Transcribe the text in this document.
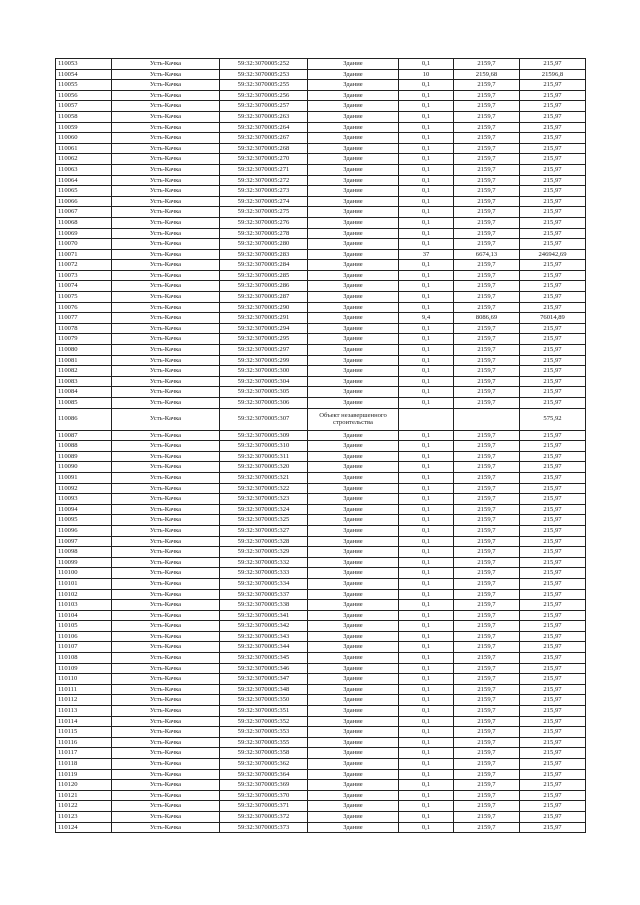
110053	Усть-Качка	59:32:3070005:252	Здание	0,1	2159,7	215,97
110054	Усть-Качка	59:32:3070005:253	Здание	10	2159,68	21596,8
110055	Усть-Качка	59:32:3070005:255	Здание	0,1	2159,7	215,97
110056	Усть-Качка	59:32:3070005:256	Здание	0,1	2159,7	215,97
110057	Усть-Качка	59:32:3070005:257	Здание	0,1	2159,7	215,97
110058	Усть-Качка	59:32:3070005:263	Здание	0,1	2159,7	215,97
110059	Усть-Качка	59:32:3070005:264	Здание	0,1	2159,7	215,97
110060	Усть-Качка	59:32:3070005:267	Здание	0,1	2159,7	215,97
110061	Усть-Качка	59:32:3070005:268	Здание	0,1	2159,7	215,97
110062	Усть-Качка	59:32:3070005:270	Здание	0,1	2159,7	215,97
110063	Усть-Качка	59:32:3070005:271	Здание	0,1	2159,7	215,97
110064	Усть-Качка	59:32:3070005:272	Здание	0,1	2159,7	215,97
110065	Усть-Качка	59:32:3070005:273	Здание	0,1	2159,7	215,97
110066	Усть-Качка	59:32:3070005:274	Здание	0,1	2159,7	215,97
110067	Усть-Качка	59:32:3070005:275	Здание	0,1	2159,7	215,97
110068	Усть-Качка	59:32:3070005:276	Здание	0,1	2159,7	215,97
110069	Усть-Качка	59:32:3070005:278	Здание	0,1	2159,7	215,97
110070	Усть-Качка	59:32:3070005:280	Здание	0,1	2159,7	215,97
110071	Усть-Качка	59:32:3070005:283	Здание	37	6674,13	246942,69
110072	Усть-Качка	59:32:3070005:284	Здание	0,1	2159,7	215,97
110073	Усть-Качка	59:32:3070005:285	Здание	0,1	2159,7	215,97
110074	Усть-Качка	59:32:3070005:286	Здание	0,1	2159,7	215,97
110075	Усть-Качка	59:32:3070005:287	Здание	0,1	2159,7	215,97
110076	Усть-Качка	59:32:3070005:290	Здание	0,1	2159,7	215,97
110077	Усть-Качка	59:32:3070005:291	Здание	9,4	8086,69	76014,89
110078	Усть-Качка	59:32:3070005:294	Здание	0,1	2159,7	215,97
110079	Усть-Качка	59:32:3070005:295	Здание	0,1	2159,7	215,97
110080	Усть-Качка	59:32:3070005:297	Здание	0,1	2159,7	215,97
110081	Усть-Качка	59:32:3070005:299	Здание	0,1	2159,7	215,97
110082	Усть-Качка	59:32:3070005:300	Здание	0,1	2159,7	215,97
110083	Усть-Качка	59:32:3070005:304	Здание	0,1	2159,7	215,97
110084	Усть-Качка	59:32:3070005:305	Здание	0,1	2159,7	215,97
110085	Усть-Качка	59:32:3070005:306	Здание	0,1	2159,7	215,97
110086	Усть-Качка	59:32:3070005:307	Объект незавершенного строительства			575,92
110087	Усть-Качка	59:32:3070005:309	Здание	0,1	2159,7	215,97
110088	Усть-Качка	59:32:3070005:310	Здание	0,1	2159,7	215,97
110089	Усть-Качка	59:32:3070005:311	Здание	0,1	2159,7	215,97
110090	Усть-Качка	59:32:3070005:320	Здание	0,1	2159,7	215,97
110091	Усть-Качка	59:32:3070005:321	Здание	0,1	2159,7	215,97
110092	Усть-Качка	59:32:3070005:322	Здание	0,1	2159,7	215,97
110093	Усть-Качка	59:32:3070005:323	Здание	0,1	2159,7	215,97
110094	Усть-Качка	59:32:3070005:324	Здание	0,1	2159,7	215,97
110095	Усть-Качка	59:32:3070005:325	Здание	0,1	2159,7	215,97
110096	Усть-Качка	59:32:3070005:327	Здание	0,1	2159,7	215,97
110097	Усть-Качка	59:32:3070005:328	Здание	0,1	2159,7	215,97
110098	Усть-Качка	59:32:3070005:329	Здание	0,1	2159,7	215,97
110099	Усть-Качка	59:32:3070005:332	Здание	0,1	2159,7	215,97
110100	Усть-Качка	59:32:3070005:333	Здание	0,1	2159,7	215,97
110101	Усть-Качка	59:32:3070005:334	Здание	0,1	2159,7	215,97
110102	Усть-Качка	59:32:3070005:337	Здание	0,1	2159,7	215,97
110103	Усть-Качка	59:32:3070005:338	Здание	0,1	2159,7	215,97
110104	Усть-Качка	59:32:3070005:341	Здание	0,1	2159,7	215,97
110105	Усть-Качка	59:32:3070005:342	Здание	0,1	2159,7	215,97
110106	Усть-Качка	59:32:3070005:343	Здание	0,1	2159,7	215,97
110107	Усть-Качка	59:32:3070005:344	Здание	0,1	2159,7	215,97
110108	Усть-Качка	59:32:3070005:345	Здание	0,1	2159,7	215,97
110109	Усть-Качка	59:32:3070005:346	Здание	0,1	2159,7	215,97
110110	Усть-Качка	59:32:3070005:347	Здание	0,1	2159,7	215,97
110111	Усть-Качка	59:32:3070005:348	Здание	0,1	2159,7	215,97
110112	Усть-Качка	59:32:3070005:350	Здание	0,1	2159,7	215,97
110113	Усть-Качка	59:32:3070005:351	Здание	0,1	2159,7	215,97
110114	Усть-Качка	59:32:3070005:352	Здание	0,1	2159,7	215,97
110115	Усть-Качка	59:32:3070005:353	Здание	0,1	2159,7	215,97
110116	Усть-Качка	59:32:3070005:355	Здание	0,1	2159,7	215,97
110117	Усть-Качка	59:32:3070005:358	Здание	0,1	2159,7	215,97
110118	Усть-Качка	59:32:3070005:362	Здание	0,1	2159,7	215,97
110119	Усть-Качка	59:32:3070005:364	Здание	0,1	2159,7	215,97
110120	Усть-Качка	59:32:3070005:369	Здание	0,1	2159,7	215,97
110121	Усть-Качка	59:32:3070005:370	Здание	0,1	2159,7	215,97
110122	Усть-Качка	59:32:3070005:371	Здание	0,1	2159,7	215,97
110123	Усть-Качка	59:32:3070005:372	Здание	0,1	2159,7	215,97
110124	Усть-Качка	59:32:3070005:373	Здание	0,1	2159,7	215,97
